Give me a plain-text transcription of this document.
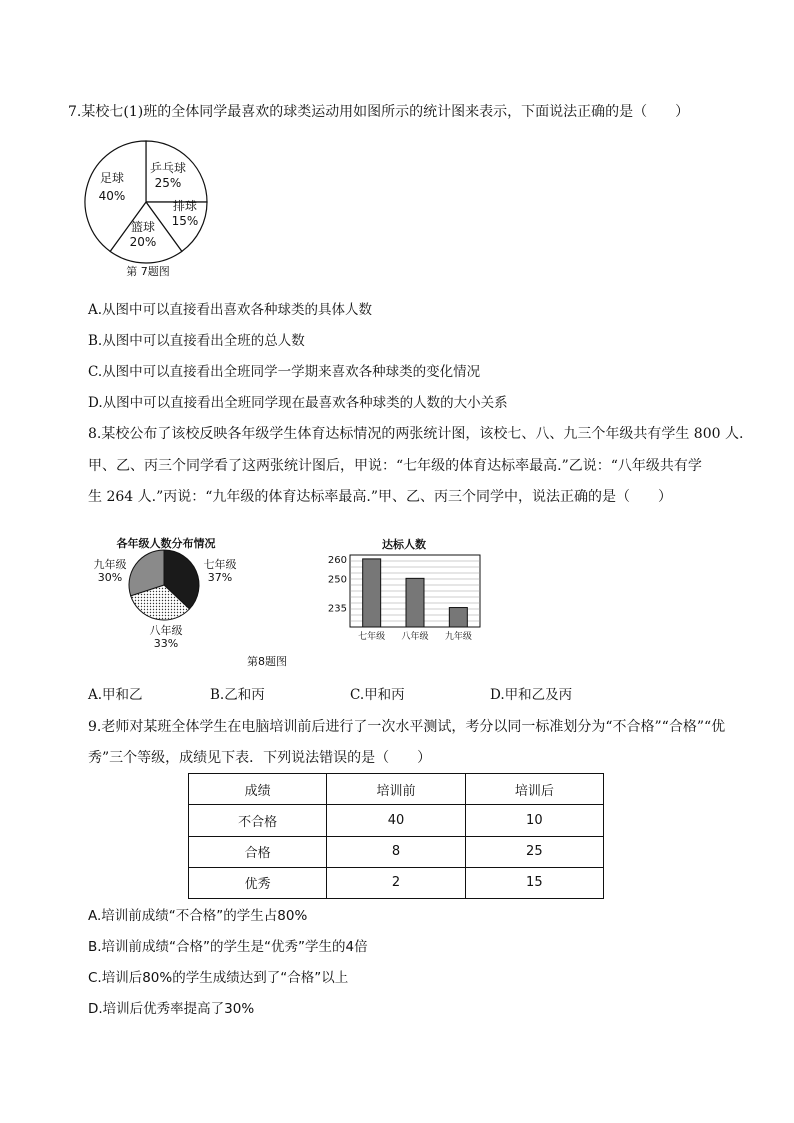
7.某校七(1)班的全体同学最喜欢的球类运动用如图所示的统计图来表示，下面说法正确的是（　　）
乒乓球
25%
排球
15%
篮球
20%
足球
40%
第 7题图
A.从图中可以直接看出喜欢各种球类的具体人数
B.从图中可以直接看出全班的总人数
C.从图中可以直接看出全班同学一学期来喜欢各种球类的变化情况
D.从图中可以直接看出全班同学现在最喜欢各种球类的人数的大小关系
8.某校公布了该校反映各年级学生体育达标情况的两张统计图，该校七、八、九三个年级共有学生 800 人.
甲、乙、丙三个同学看了这两张统计图后，甲说：“七年级的体育达标率最高.”乙说：“八年级共有学
生 264 人.”丙说：“九年级的体育达标率最高.”甲、乙、丙三个同学中，说法正确的是（　　）
各年级人数分布情况
七年级
37%
八年级
33%
九年级
30%
达标人数
260
250
235
七年级 八年级 九年级
第8题图
A.甲和乙	B.乙和丙	C.甲和丙	D.甲和乙及丙
9.老师对某班全体学生在电脑培训前后进行了一次水平测试，考分以同一标准划分为“不合格”“合格”“优
秀”三个等级，成绩见下表．下列说法错误的是（　　）
成绩	培训前	培训后
不合格	40	10
合格	8	25
优秀	2	15
A.培训前成绩“不合格”的学生占80%
B.培训前成绩“合格”的学生是“优秀”学生的4倍
C.培训后80%的学生成绩达到了“合格”以上
D.培训后优秀率提高了30%
